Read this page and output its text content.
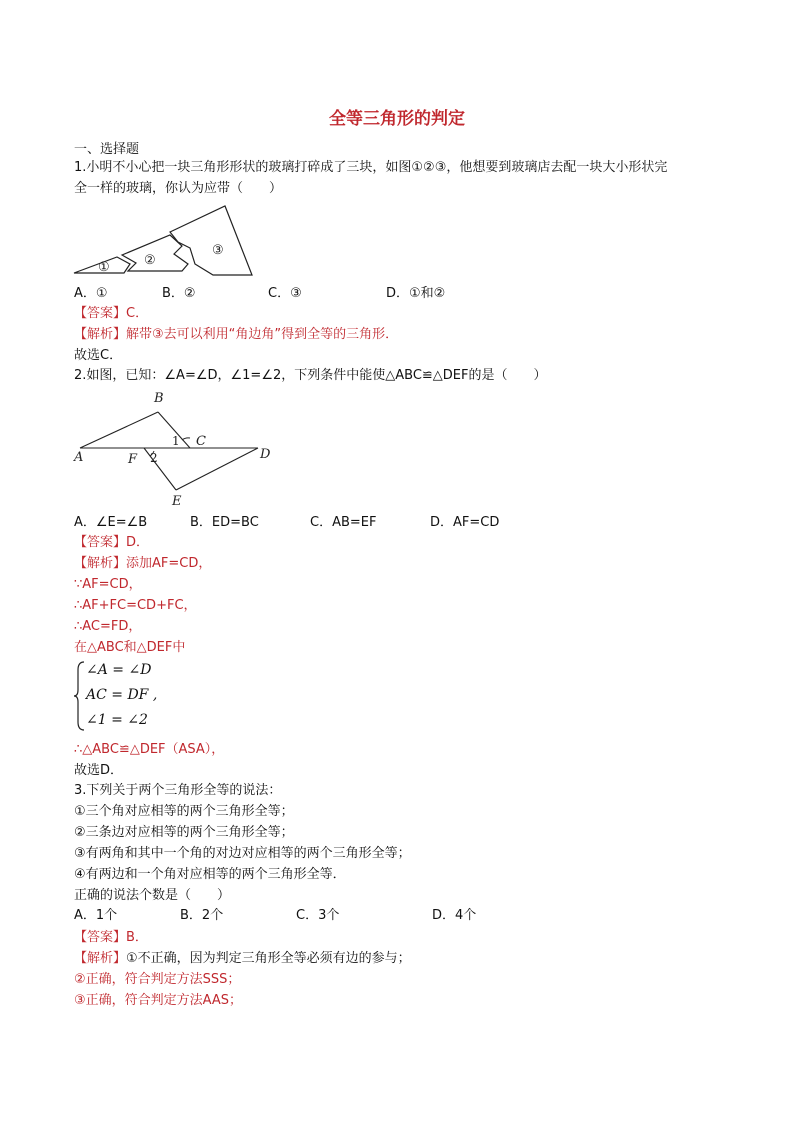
全等三角形的判定
一、选择题
1.小明不小心把一块三角形形状的玻璃打碎成了三块，如图①②③，他想要到玻璃店去配一块大小形状完
全一样的玻璃，你认为应带（　　）
①	②
③
A．①	B．②	C．③	D．①和②
【答案】C．
【解析】解带③去可以利用“角边角”得到全等的三角形．
故选C．
2.如图，已知：∠A=∠D，∠1=∠2，下列条件中能使△ABC≌△DEF的是（　　）
B
A
C
D
F
E
1
2
A．∠E=∠B	B．ED=BC	C．AB=EF	D．AF=CD
【答案】D．
【解析】添加AF=CD，
∵AF=CD，
∴AF+FC=CD+FC，
∴AC=FD，
在△ABC和△DEF中
∠A = ∠D
AC = DF ,
∠1 = ∠2
∴△ABC≌△DEF（ASA），
故选D．
3.下列关于两个三角形全等的说法：
①三个角对应相等的两个三角形全等；
②三条边对应相等的两个三角形全等；
③有两角和其中一个角的对边对应相等的两个三角形全等；
④有两边和一个角对应相等的两个三角形全等．
正确的说法个数是（　　）
A．1个	B．2个	C．3个	D．4个
【答案】B．
【解析】①不正确，因为判定三角形全等必须有边的参与；
②正确，符合判定方法SSS；
③正确，符合判定方法AAS；
